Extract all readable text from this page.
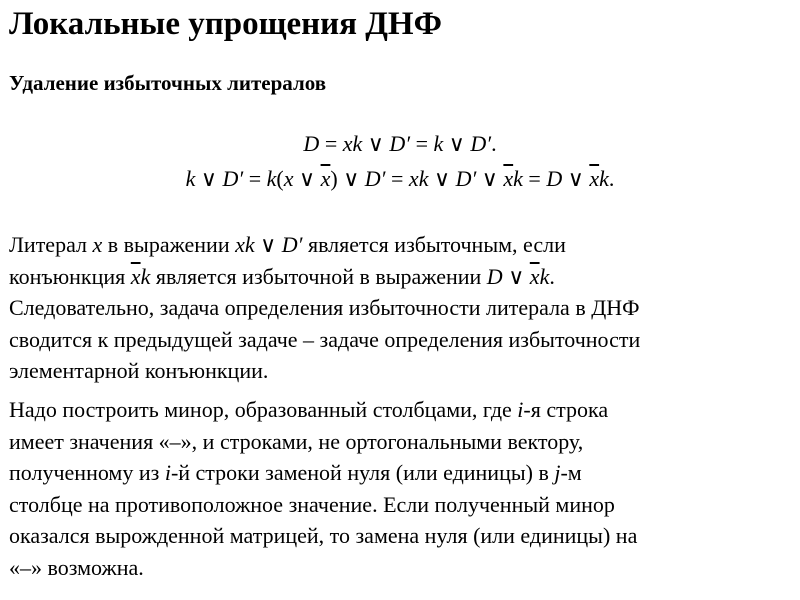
Локальные упрощения ДНФ
Удаление избыточных литералов
D = xk ∨ D′ = k ∨ D′.
k ∨ D′ = k(x ∨ $\overline{x}$) ∨ D′ = xk ∨ D′ ∨ $\overline{x}k = D$ ∨ $\overline{x}k$.
Литерал x в выражении xk ∨ D′ является избыточным, если
конъюнкция $\overline{x}k$ является избыточной в выражении D ∨ $\overline{x}k$.
Следовательно, задача определения избыточности литерала в ДНФ
сводится к предыдущей задаче – задаче определения избыточности
элементарной конъюнкции.
Надо построить минор, образованный столбцами, где i-я строка
имеет значения «–», и строками, не ортогональными вектору,
полученному из i-й строки заменой нуля (или единицы) в j-м
столбце на противоположное значение. Если полученный минор
оказался вырожденной матрицей, то замена нуля (или единицы) на
«–» возможна.
